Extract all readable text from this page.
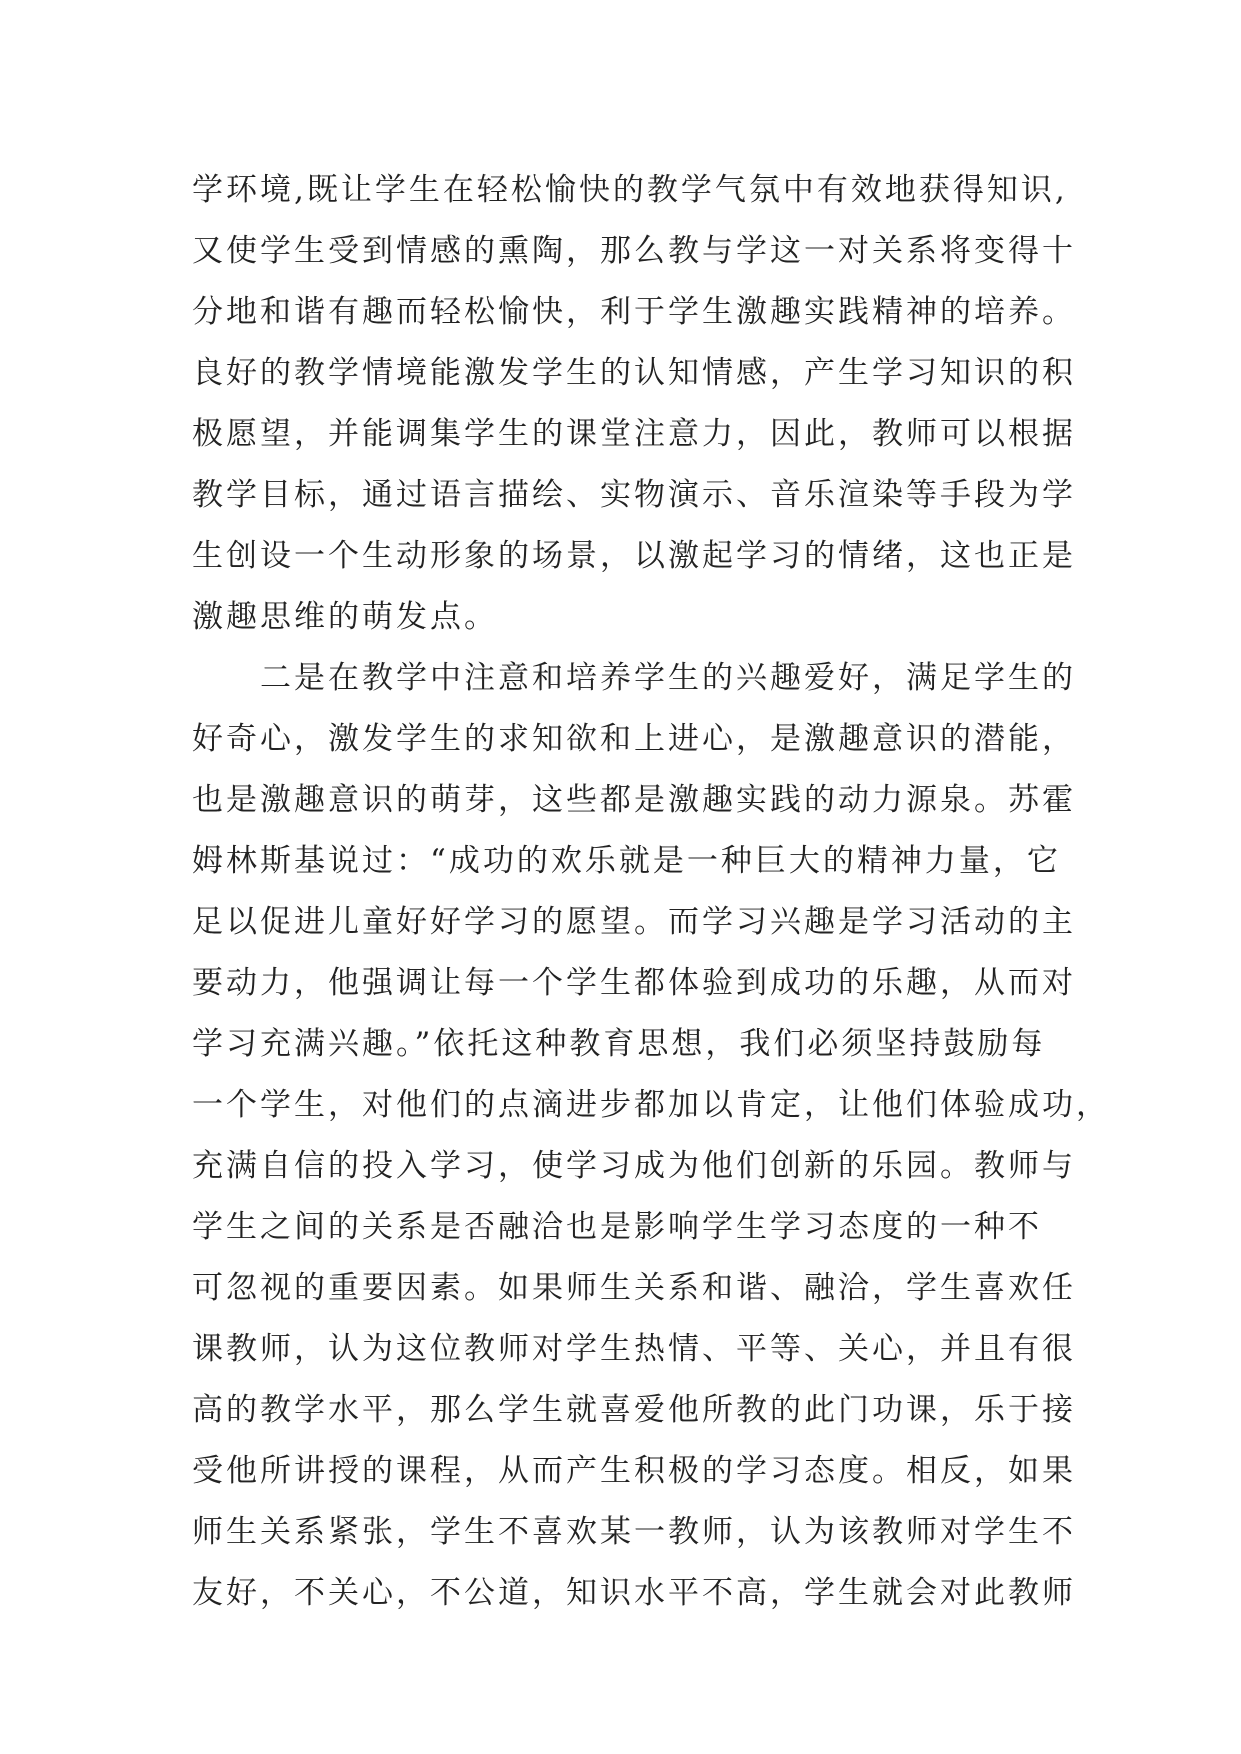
学环境,既让学生在轻松愉快的教学气氛中有效地获得知识,
又使学生受到情感的熏陶，那么教与学这一对关系将变得十
分地和谐有趣而轻松愉快，利于学生激趣实践精神的培养。
良好的教学情境能激发学生的认知情感，产生学习知识的积
极愿望，并能调集学生的课堂注意力，因此，教师可以根据
教学目标，通过语言描绘、实物演示、音乐渲染等手段为学
生创设一个生动形象的场景，以激起学习的情绪，这也正是
激趣思维的萌发点。
　　二是在教学中注意和培养学生的兴趣爱好，满足学生的
好奇心，激发学生的求知欲和上进心，是激趣意识的潜能，
也是激趣意识的萌芽，这些都是激趣实践的动力源泉。苏霍
姆林斯基说过：“成功的欢乐就是一种巨大的精神力量，它
足以促进儿童好好学习的愿望。而学习兴趣是学习活动的主
要动力，他强调让每一个学生都体验到成功的乐趣，从而对
学习充满兴趣。”依托这种教育思想，我们必须坚持鼓励每
一个学生，对他们的点滴进步都加以肯定，让他们体验成功，
充满自信的投入学习，使学习成为他们创新的乐园。教师与
学生之间的关系是否融洽也是影响学生学习态度的一种不
可忽视的重要因素。如果师生关系和谐、融洽，学生喜欢任
课教师，认为这位教师对学生热情、平等、关心，并且有很
高的教学水平，那么学生就喜爱他所教的此门功课，乐于接
受他所讲授的课程，从而产生积极的学习态度。相反，如果
师生关系紧张，学生不喜欢某一教师，认为该教师对学生不
友好，不关心，不公道，知识水平不高，学生就会对此教师
